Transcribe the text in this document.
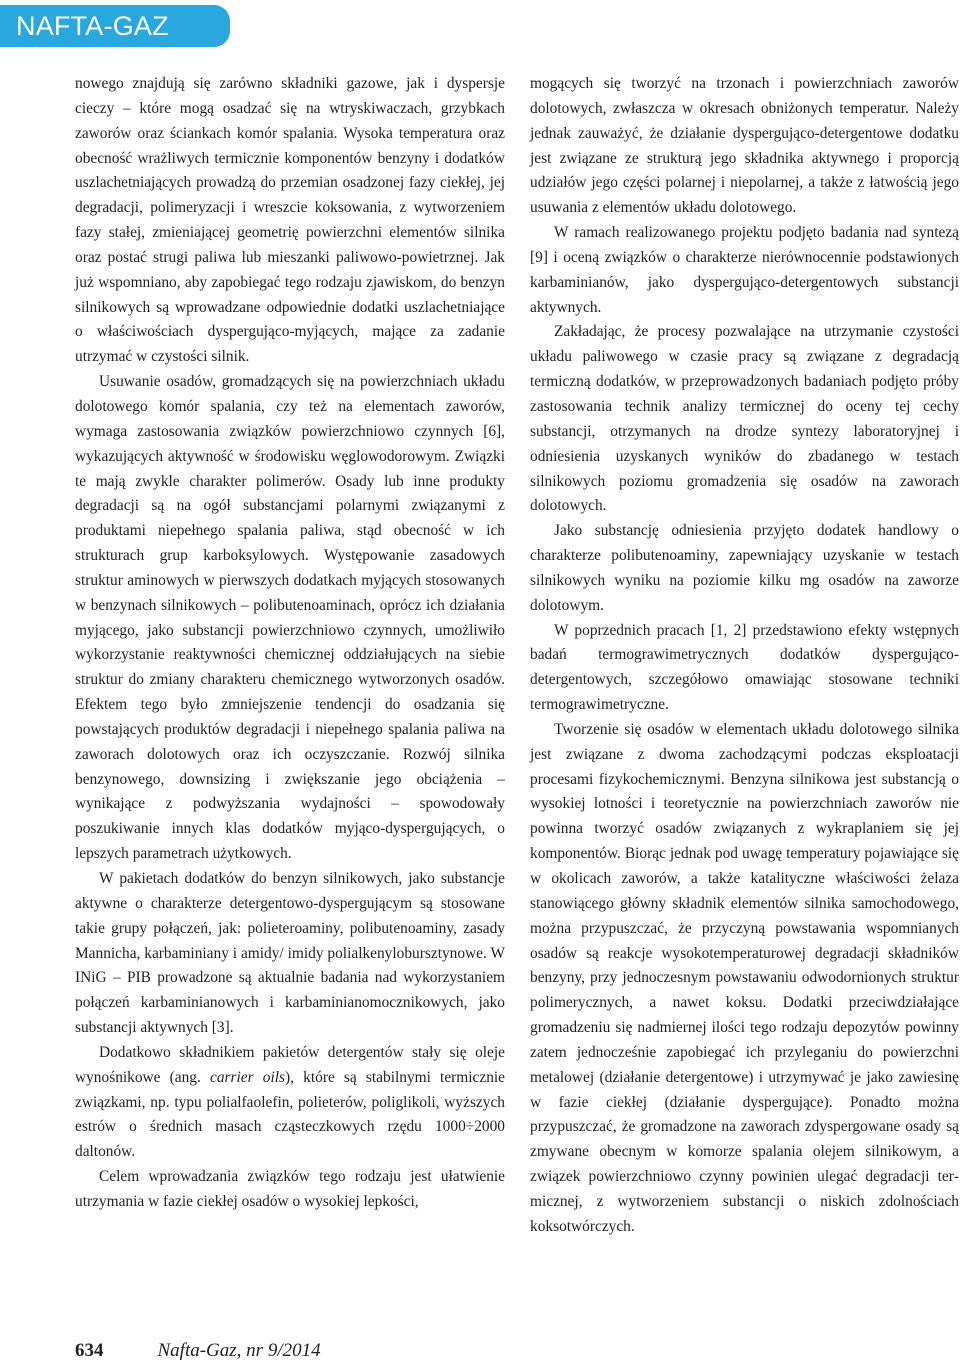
NAFTA-GAZ

nowego znajdują się zarówno składniki gazowe, jak i dyspersje cieczy – które mogą osadzać się na wtryskiwaczach, grzybkach zaworów oraz ściankach komór spalania. Wysoka temperatura oraz obecność wrażliwych termicznie komponentów benzyny i dodatków uszlachetniających prowadzą do przemian osadzonej fazy ciekłej, jej degradacji, polimeryzacji i wreszcie koksowania, z wytworzeniem fazy stałej, zmieniającej geometrię powierzchni elementów silnika oraz postać strugi paliwa lub mieszanki paliwowo-powietrznej. Jak już wspomniano, aby zapobiegać tego rodzaju zjawiskom, do benzyn silnikowych są wprowadzane odpowiednie dodatki uszlachetniające o właściwościach dyspergująco-myjących, mające za zadanie utrzymać w czystości silnik.

Usuwanie osadów, gromadzących się na powierzchniach układu dolotowego komór spalania, czy też na elementach zaworów, wymaga zastosowania związków powierzchniowo czynnych [6], wykazujących aktywność w środowisku węglowodorowym. Związki te mają zwykle charakter polimerów. Osady lub inne produkty degradacji są na ogół substancjami polarnymi związanymi z produktami niepełnego spalania paliwa, stąd obecność w ich strukturach grup karboksylowych. Występowanie zasadowych struktur aminowych w pierwszych dodatkach myjących stosowanych w benzynach silnikowych – polibutenoaminach, oprócz ich działania myjącego, jako substancji powierzchniowo czynnych, umożliwiło wykorzystanie reaktywności chemicznej oddziałujących na siebie struktur do zmiany charakteru chemicznego wytworzonych osadów. Efektem tego było zmniejszenie tendencji do osadzania się powstających produktów degradacji i niepełnego spalania paliwa na zaworach dolotowych oraz ich oczyszczanie. Rozwój silnika benzynowego, downsizing i zwiększanie jego obciążenia – wynikające z podwyższania wydajności – spowodowały poszukiwanie innych klas dodatków myjąco-dyspergujących, o lepszych parametrach użytkowych.

W pakietach dodatków do benzyn silnikowych, jako substancje aktywne o charakterze detergentowo-dyspergującym są stosowane takie grupy połączeń, jak: polieteroaminy, polibutenoaminy, zasady Mannicha, karbaminiany i amidy/ imidy polialkenylobursztynowe. W INiG – PIB prowadzone są aktualnie badania nad wykorzystaniem połączeń karbaminianowych i karbaminianomocznikowych, jako substancji aktywnych [3].

Dodatkowo składnikiem pakietów detergentów stały się oleje wynośnikowe (ang. carrier oils), które są stabilnymi termicznie związkami, np. typu polialfaolefin, polieterów, poliglikoli, wyższych estrów o średnich masach cząsteczkowych rzędu 1000÷2000 daltonów.

Celem wprowadzania związków tego rodzaju jest ułatwienie utrzymania w fazie ciekłej osadów o wysokiej lepkości,

mogących się tworzyć na trzonach i powierzchniach zaworów dolotowych, zwłaszcza w okresach obniżonych temperatur. Należy jednak zauważyć, że działanie dyspergująco-detergentowe dodatku jest związane ze strukturą jego składnika aktywnego i proporcją udziałów jego części polarnej i niepolarnej, a także z łatwością jego usuwania z elementów układu dolotowego.

W ramach realizowanego projektu podjęto badania nad syntezą [9] i oceną związków o charakterze nierównocennie podstawionych karbaminianów, jako dyspergująco-detergentowych substancji aktywnych.

Zakładając, że procesy pozwalające na utrzymanie czystości układu paliwowego w czasie pracy są związane z degradacją termiczną dodatków, w przeprowadzonych badaniach podjęto próby zastosowania technik analizy termicznej do oceny tej cechy substancji, otrzymanych na drodze syntezy laboratoryjnej i odniesienia uzyskanych wyników do zbadanego w testach silnikowych poziomu gromadzenia się osadów na zaworach dolotowych.

Jako substancję odniesienia przyjęto dodatek handlowy o charakterze polibutenoaminy, zapewniający uzyskanie w testach silnikowych wyniku na poziomie kilku mg osadów na zaworze dolotowym.

W poprzednich pracach [1, 2] przedstawiono efekty wstępnych badań termograwimetrycznych dodatków dyspergująco-detergentowych, szczegółowo omawiając stosowane techniki termograwimetryczne.

Tworzenie się osadów w elementach układu dolotowego silnika jest związane z dwoma zachodzącymi podczas eksploatacji procesami fizykochemicznymi. Benzyna silnikowa jest substancją o wysokiej lotności i teoretycznie na powierzchniach zaworów nie powinna tworzyć osadów związanych z wykraplaniem się jej komponentów. Biorąc jednak pod uwagę temperatury pojawiające się w okolicach zaworów, a także katalityczne właściwości żelaza stanowiącego główny składnik elementów silnika samochodowego, można przypuszczać, że przyczyną powstawania wspomnianych osadów są reakcje wysokotemperaturowej degradacji składników benzyny, przy jednoczesnym powstawaniu odwodornionych struktur polimerycznych, a nawet koksu. Dodatki przeciwdziałające gromadzeniu się nadmiernej ilości tego rodzaju depozytów powinny zatem jednocześnie zapobiegać ich przyleganiu do powierzchni metalowej (działanie detergentowe) i utrzymywać je jako zawiesinę w fazie ciekłej (działanie dyspergujące). Ponadto można przypuszczać, że gromadzone na zaworach zdyspergowane osady są zmywane obecnym w komorze spalania olejem silnikowym, a związek powierzchniowo czynny powinien ulegać degradacji termicznej, z wytworzeniem substancji o niskich zdolnościach koksotwórczych.

634	Nafta-Gaz, nr 9/2014
